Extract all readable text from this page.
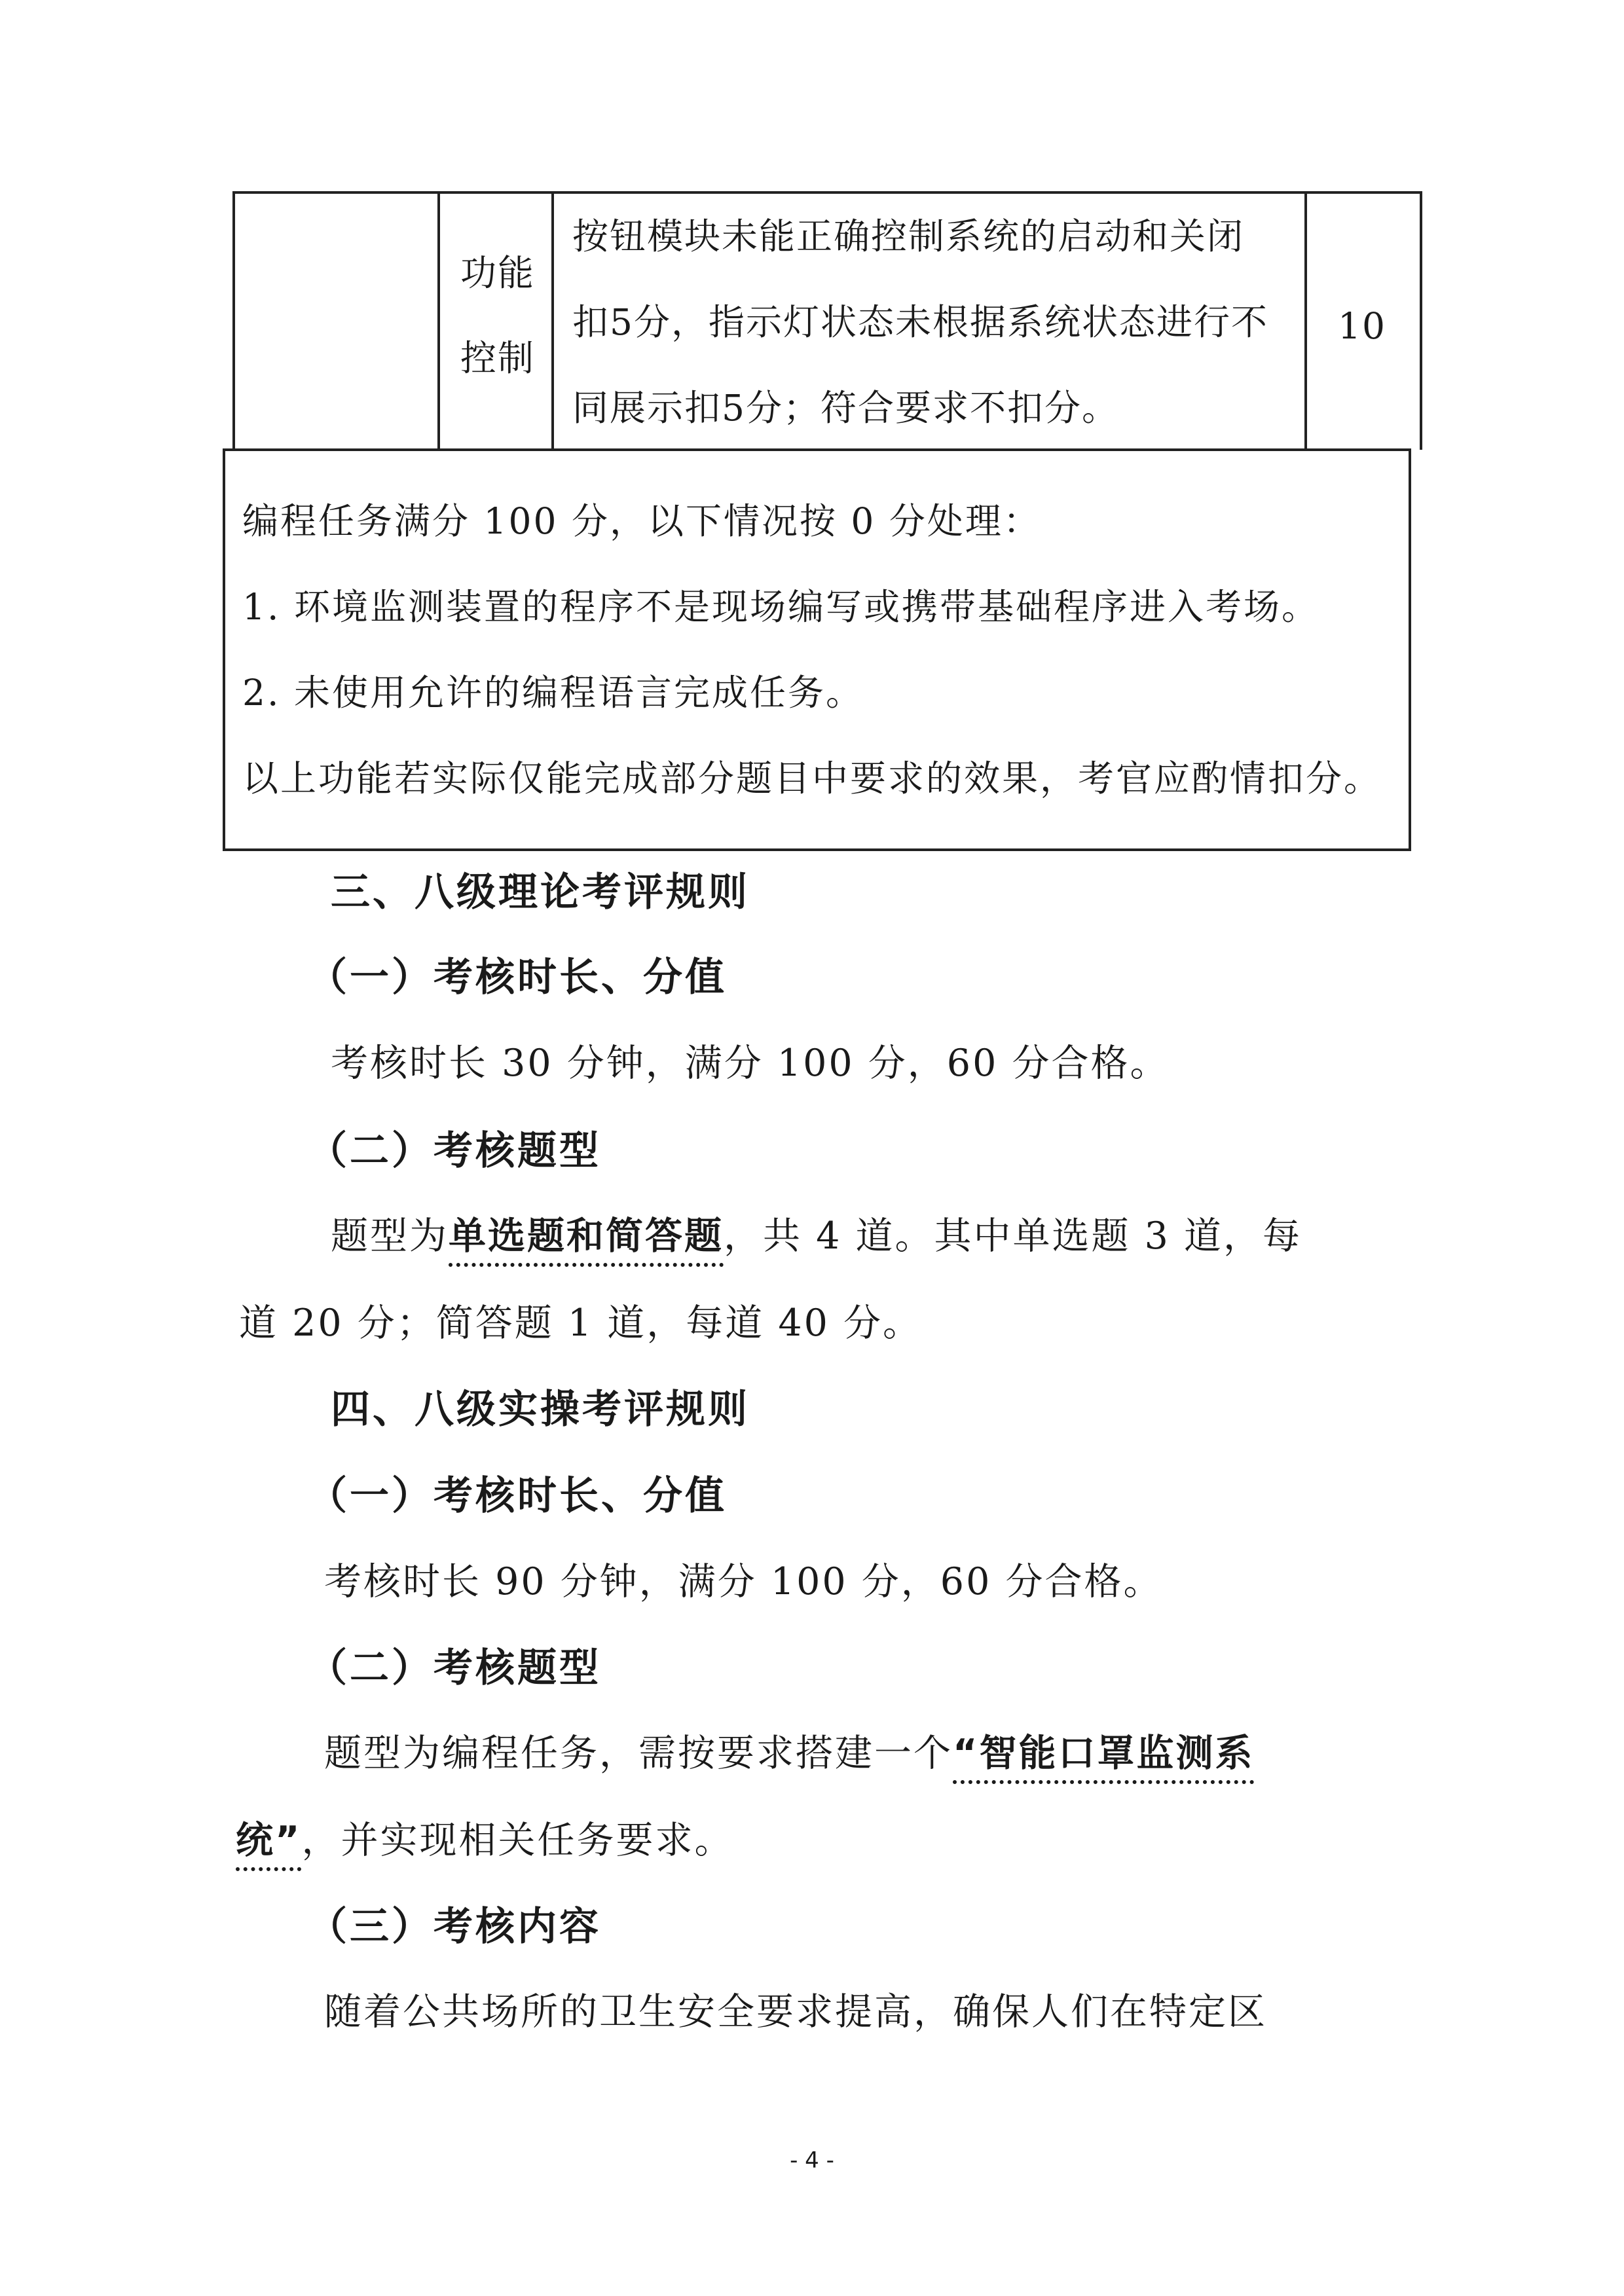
功能
控制
按钮模块未能正确控制系统的启动和关闭
扣5分，指示灯状态未根据系统状态进行不
同展示扣5分；符合要求不扣分。
10
编程任务满分 100 分，以下情况按 0 分处理：
1. 环境监测装置的程序不是现场编写或携带基础程序进入考场。
2. 未使用允许的编程语言完成任务。
以上功能若实际仅能完成部分题目中要求的效果，考官应酌情扣分。
三、八级理论考评规则
（一）考核时长、分值
考核时长 30 分钟，满分 100 分，60 分合格。
（二）考核题型
题型为单选题和简答题，共 4 道。其中单选题 3 道，每
道 20 分；简答题 1 道，每道 40 分。
四、八级实操考评规则
（一）考核时长、分值
考核时长 90 分钟，满分 100 分，60 分合格。
（二）考核题型
题型为编程任务，需按要求搭建一个“智能口罩监测系
统”，并实现相关任务要求。
（三）考核内容
随着公共场所的卫生安全要求提高，确保人们在特定区
- 4 -
